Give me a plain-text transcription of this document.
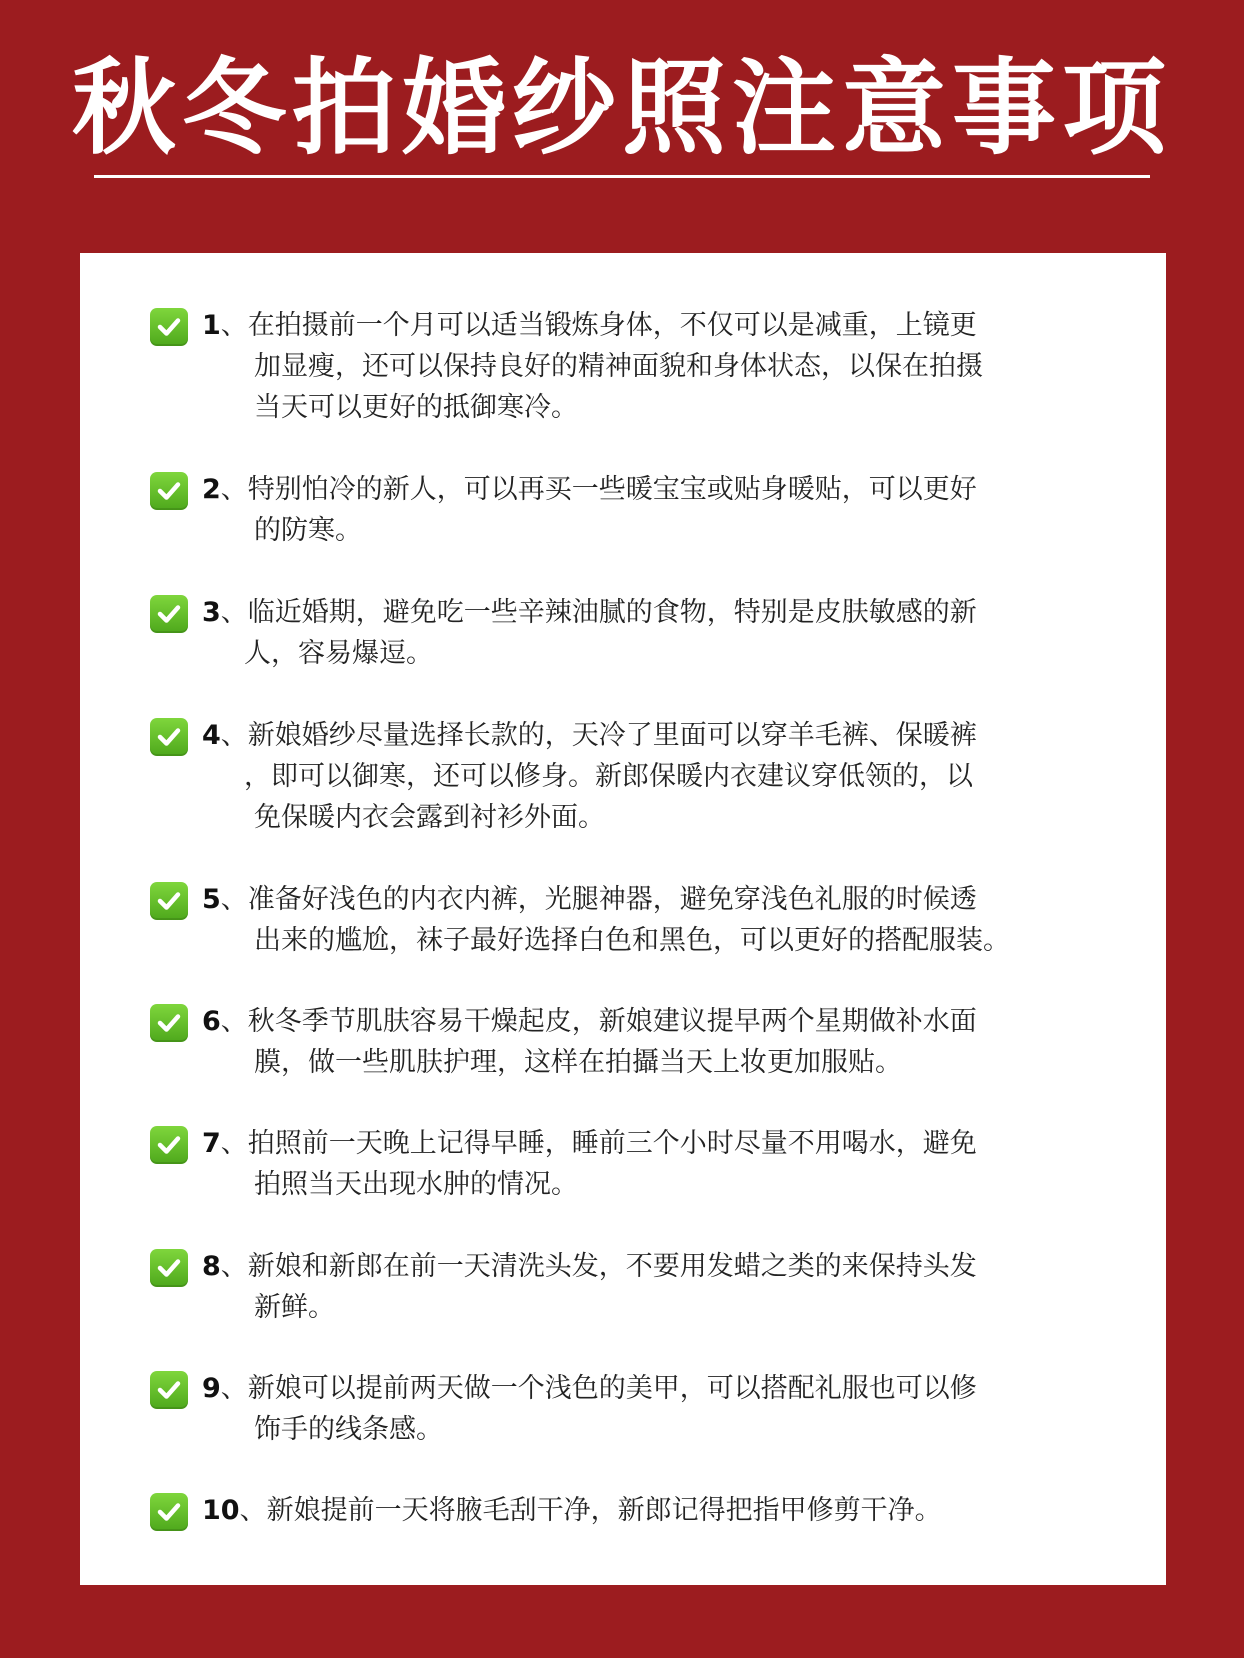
秋冬拍婚纱照注意事项
1、在拍摄前一个月可以适当锻炼身体，不仅可以是减重，上镜更
加显瘦，还可以保持良好的精神面貌和身体状态，以保在拍摄
当天可以更好的抵御寒冷。
2、特别怕冷的新人，可以再买一些暖宝宝或贴身暖贴，可以更好
的防寒。
3、临近婚期，避免吃一些辛辣油腻的食物，特别是皮肤敏感的新
人，容易爆逗。
4、新娘婚纱尽量选择长款的，天冷了里面可以穿羊毛裤、保暖裤
，即可以御寒，还可以修身。新郎保暖内衣建议穿低领的，以
免保暖内衣会露到衬衫外面。
5、准备好浅色的内衣内裤，光腿神器，避免穿浅色礼服的时候透
出来的尴尬，袜子最好选择白色和黑色，可以更好的搭配服装。
6、秋冬季节肌肤容易干燥起皮，新娘建议提早两个星期做补水面
膜，做一些肌肤护理，这样在拍攝当天上妆更加服贴。
7、拍照前一天晚上记得早睡，睡前三个小时尽量不用喝水，避免
拍照当天出现水肿的情况。
8、新娘和新郎在前一天清洗头发，不要用发蜡之类的来保持头发
新鲜。
9、新娘可以提前两天做一个浅色的美甲，可以搭配礼服也可以修
饰手的线条感。
10、新娘提前一天将腋毛刮干净，新郎记得把指甲修剪干净。
